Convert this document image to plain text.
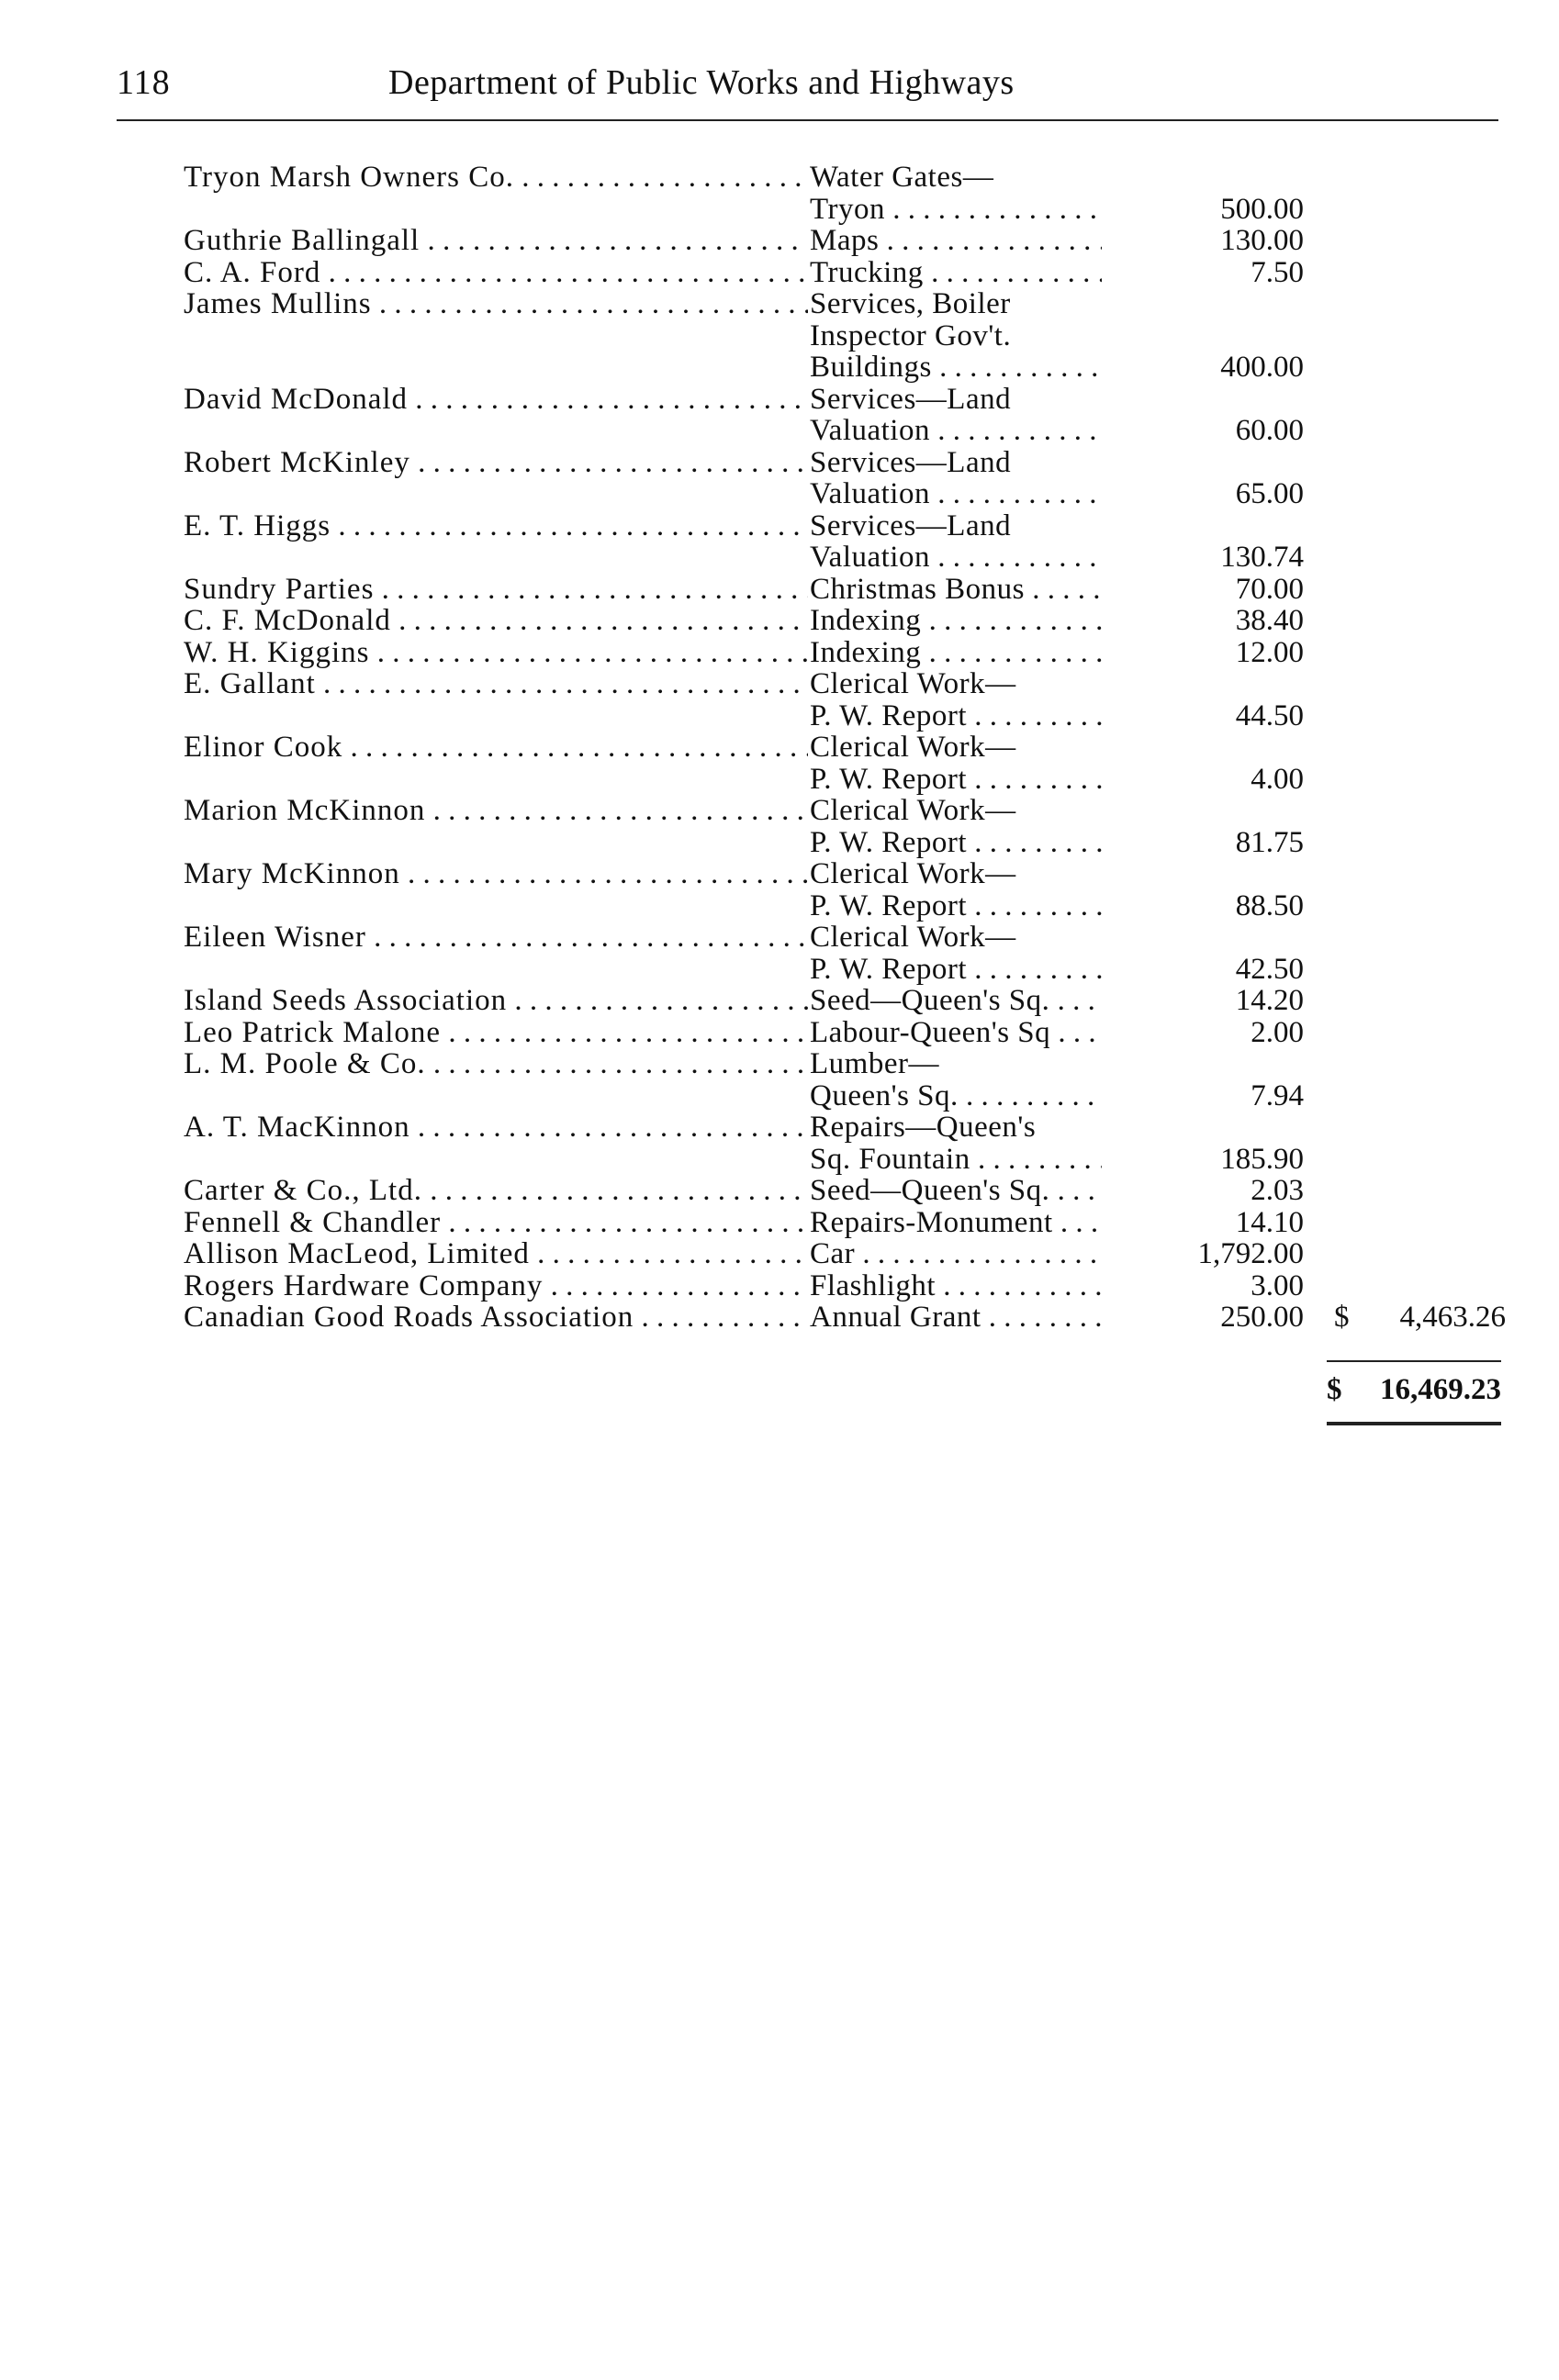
118	Department of Public Works and Highways
Tryon Marsh Owners Co. . . .	Water Gates—
Tryon . . .	500.00
Guthrie Ballingall . . .	Maps . . .	130.00
C. A. Ford . . .	Trucking . . .	7.50
James Mullins . . .	Services, Boiler
Inspector Gov't.
Buildings . . .	400.00
David McDonald . . .	Services—Land
Valuation . . .	60.00
Robert McKinley . . .	Services—Land
Valuation . . .	65.00
E. T. Higgs . . .	Services—Land
Valuation . . .	130.74
Sundry Parties . . .	Christmas Bonus . . .	70.00
C. F. McDonald . . .	Indexing . . .	38.40
W. H. Kiggins . . .	Indexing . . .	12.00
E. Gallant . . .	Clerical Work—
P. W. Report . . .	44.50
Elinor Cook . . .	Clerical Work—
P. W. Report . . .	4.00
Marion McKinnon . . .	Clerical Work—
P. W. Report . . .	81.75
Mary McKinnon . . .	Clerical Work—
P. W. Report . . .	88.50
Eileen Wisner . . .	Clerical Work—
P. W. Report . . .	42.50
Island Seeds Association . . .	Seed—Queen's Sq. . . .	14.20
Leo Patrick Malone . . .	Labour-Queen's Sq . . .	2.00
L. M. Poole & Co. . . .	Lumber—
Queen's Sq. . . .	7.94
A. T. MacKinnon . . .	Repairs—Queen's
Sq. Fountain . . .	185.90
Carter & Co., Ltd. . . .	Seed—Queen's Sq. . . .	2.03
Fennell & Chandler . . .	Repairs-Monument . . .	14.10
Allison MacLeod, Limited . . .	Car . . .	1,792.00
Rogers Hardware Company . . .	Flashlight . . .	3.00
Canadian Good Roads Association . . .	Annual Grant . . .	250.00 $	4,463.26
$ 16,469.23
